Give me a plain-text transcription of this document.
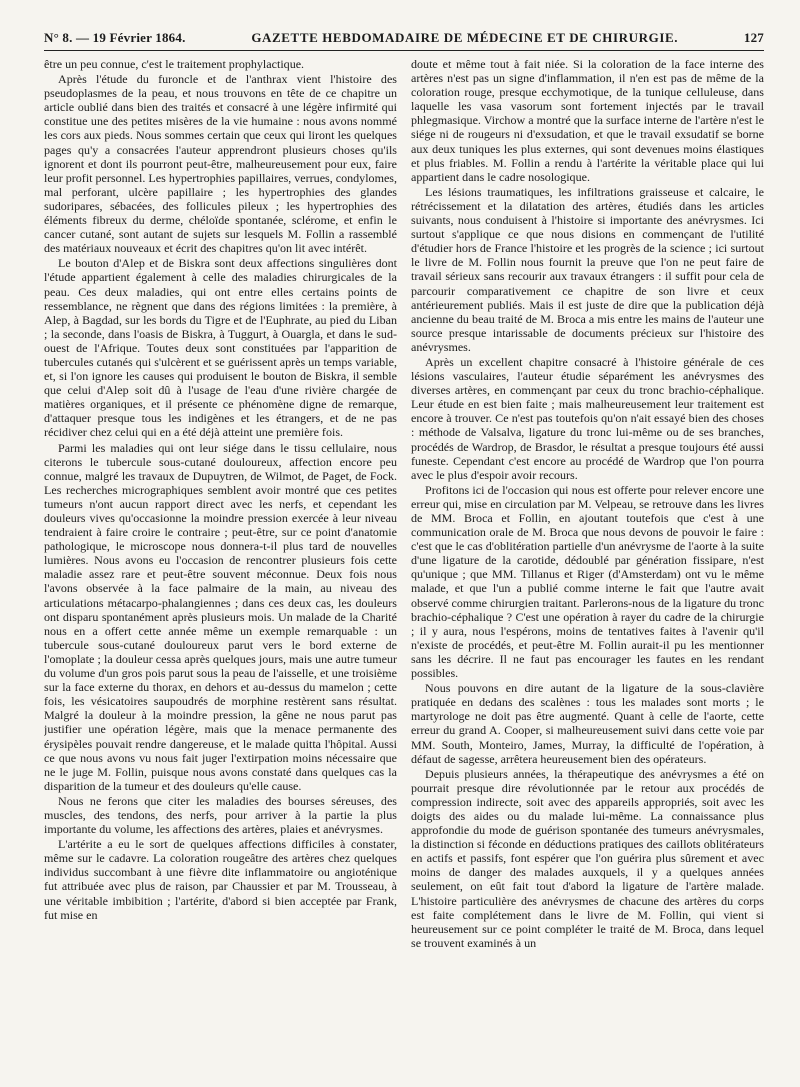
N° 8. — 19 Février 1864.	GAZETTE HEBDOMADAIRE DE MÉDECINE ET DE CHIRURGIE.	127

être un peu connue, c'est le traitement prophylactique.

Après l'étude du furoncle et de l'anthrax vient l'histoire des pseudoplasmes de la peau, et nous trouvons en tête de ce chapitre un article oublié dans bien des traités et consacré à une légère infirmité qui constitue une des petites misères de la vie humaine : nous avons nommé les cors aux pieds. Nous sommes certain que ceux qui liront les quelques pages qu'y a consacrées l'auteur apprendront plusieurs choses qu'ils ignorent et dont ils pourront peut-être, malheureusement pour eux, faire leur profit personnel. Les hypertrophies papillaires, verrues, condylomes, mal perforant, ulcère papillaire ; les hypertrophies des glandes sudoripares, sébacées, des follicules pileux ; les hypertrophies des éléments fibreux du derme, chéloïde spontanée, sclérome, et enfin le cancer cutané, sont autant de sujets sur lesquels M. Follin a rassemblé des matériaux nouveaux et écrit des chapitres qu'on lit avec intérêt.

Le bouton d'Alep et de Biskra sont deux affections singulières dont l'étude appartient également à celle des maladies chirurgicales de la peau. Ces deux maladies, qui ont entre elles certains points de ressemblance, ne règnent que dans des régions limitées : la première, à Alep, à Bagdad, sur les bords du Tigre et de l'Euphrate, au pied du Liban ; la seconde, dans l'oasis de Biskra, à Tuggurt, à Ouargla, et dans le sud-ouest de l'Afrique. Toutes deux sont constituées par l'apparition de tubercules cutanés qui s'ulcèrent et se guérissent après un temps variable, et, si l'on ignore les causes qui produisent le bouton de Biskra, il semble que celui d'Alep soit dû à l'usage de l'eau d'une rivière chargée de matières organiques, et il présente ce phénomène digne de remarque, d'attaquer presque tous les indigènes et les étrangers, et de ne pas récidiver chez celui qui en a été déjà atteint une première fois.

Parmi les maladies qui ont leur siége dans le tissu cellulaire, nous citerons le tubercule sous-cutané douloureux, affection encore peu connue, malgré les travaux de Dupuytren, de Wilmot, de Paget, de Fock. Les recherches micrographiques semblent avoir montré que ces petites tumeurs n'ont aucun rapport direct avec les nerfs, et cependant les douleurs vives qu'occasionne la moindre pression exercée à leur niveau tendraient à faire croire le contraire ; peut-être, sur ce point d'anatomie pathologique, le microscope nous donnera-t-il plus tard de nouvelles lumières. Nous avons eu l'occasion de rencontrer plusieurs fois cette maladie assez rare et peut-être souvent méconnue. Deux fois nous l'avons observée à la face palmaire de la main, au niveau des articulations métacarpo-phalangiennes ; dans ces deux cas, les douleurs ont disparu spontanément après plusieurs mois. Un malade de la Charité nous en a offert cette année même un exemple remarquable : un tubercule sous-cutané douloureux parut vers le bord externe de l'omoplate ; la douleur cessa après quelques jours, mais une autre tumeur du volume d'un gros pois parut sous la peau de l'aisselle, et une troisième sur la face externe du thorax, en dehors et au-dessus du mamelon ; cette fois, les vésicatoires saupoudrés de morphine restèrent sans résultat. Malgré la douleur à la moindre pression, la gêne ne nous parut pas justifier une opération légère, mais que la menace permanente des érysipèles pouvait rendre dangereuse, et le malade quitta l'hôpital. Aussi ce que nous avons vu nous fait juger l'extirpation moins nécessaire que ne le juge M. Follin, puisque nous avons constaté dans quelques cas la disparition de la tumeur et des douleurs qu'elle cause.

Nous ne ferons que citer les maladies des bourses séreuses, des muscles, des tendons, des nerfs, pour arriver à la partie la plus importante du volume, les affections des artères, plaies et anévrysmes.

L'artérite a eu le sort de quelques affections difficiles à constater, même sur le cadavre. La coloration rougeâtre des artères chez quelques individus succombant à une fièvre dite inflammatoire ou angioténique fut attribuée avec plus de raison, par Chaussier et par M. Trousseau, à une véritable imbibition ; l'artérite, d'abord si bien acceptée par Frank, fut mise en

doute et même tout à fait niée. Si la coloration de la face interne des artères n'est pas un signe d'inflammation, il n'en est pas de même de la coloration rouge, presque ecchymotique, de la tunique celluleuse, dans laquelle les vasa vasorum sont fortement injectés par le travail phlegmasique. Virchow a montré que la surface interne de l'artère n'est le siége ni de rougeurs ni d'exsudation, et que le travail exsudatif se borne aux deux tuniques les plus externes, qui sont devenues moins élastiques et plus friables. M. Follin a rendu à l'artérite la véritable place qui lui appartient dans le cadre nosologique.

Les lésions traumatiques, les infiltrations graisseuse et calcaire, le rétrécissement et la dilatation des artères, étudiés dans les articles suivants, nous conduisent à l'histoire si importante des anévrysmes. Ici surtout s'applique ce que nous disions en commençant de l'utilité d'étudier hors de France l'histoire et les progrès de la science ; ici surtout le livre de M. Follin nous fournit la preuve que l'on ne peut faire de travail sérieux sans recourir aux travaux étrangers : il suffit pour cela de parcourir comparativement ce chapitre de son livre et ceux antérieurement publiés. Mais il est juste de dire que la publication déjà ancienne du beau traité de M. Broca a mis entre les mains de l'auteur une source presque intarissable de documents précieux sur l'histoire des anévrysmes.

Après un excellent chapitre consacré à l'histoire générale de ces lésions vasculaires, l'auteur étudie séparément les anévrysmes des diverses artères, en commençant par ceux du tronc brachio-céphalique. Leur étude en est bien faite ; mais malheureusement leur traitement est encore à trouver. Ce n'est pas toutefois qu'on n'ait essayé bien des choses : méthode de Valsalva, ligature du tronc lui-même ou de ses branches, procédés de Wardrop, de Brasdor, le résultat a presque toujours été aussi funeste. Cependant c'est encore au procédé de Wardrop que l'on pourra avec le plus d'espoir avoir recours.

Profitons ici de l'occasion qui nous est offerte pour relever encore une erreur qui, mise en circulation par M. Velpeau, se retrouve dans les livres de MM. Broca et Follin, en ajoutant toutefois que c'est à une communication orale de M. Broca que nous devons de pouvoir le faire : c'est que le cas d'oblitération partielle d'un anévrysme de l'aorte à la suite d'une ligature de la carotide, dédoublé par génération fissipare, n'est qu'unique ; que MM. Tillanus et Riger (d'Amsterdam) ont vu le même malade, et que l'un a publié comme interne le fait que l'autre avait observé comme chirurgien traitant. Parlerons-nous de la ligature du tronc brachio-céphalique ? C'est une opération à rayer du cadre de la chirurgie ; il y aura, nous l'espérons, moins de tentatives faites à l'avenir qu'il n'existe de procédés, et peut-être M. Follin aurait-il pu les mentionner sans les décrire. Il ne faut pas encourager les fautes en les rendant possibles.

Nous pouvons en dire autant de la ligature de la sous-clavière pratiquée en dedans des scalènes : tous les malades sont morts ; le martyrologe ne doit pas être augmenté. Quant à celle de l'aorte, cette erreur du grand A. Cooper, si malheureusement suivi dans cette voie par MM. South, Monteiro, James, Murray, la difficulté de l'opération, à défaut de sagesse, arrêtera heureusement bien des opérateurs.

Depuis plusieurs années, la thérapeutique des anévrysmes a été on pourrait presque dire révolutionnée par le retour aux procédés de compression indirecte, soit avec des appareils appropriés, soit avec les doigts des aides ou du malade lui-même. La connaissance plus approfondie du mode de guérison spontanée des tumeurs anévrysmales, la distinction si féconde en déductions pratiques des caillots oblitérateurs en actifs et passifs, font espérer que l'on guérira plus sûrement et avec moins de danger des malades auxquels, il y a quelques années seulement, on eût fait tout d'abord la ligature de l'artère malade. L'histoire particulière des anévrysmes de chacune des artères du corps est faite complétement dans le livre de M. Follin, qui vient si heureusement sur ce point compléter le traité de M. Broca, dans lequel se trouvent examinés à un
